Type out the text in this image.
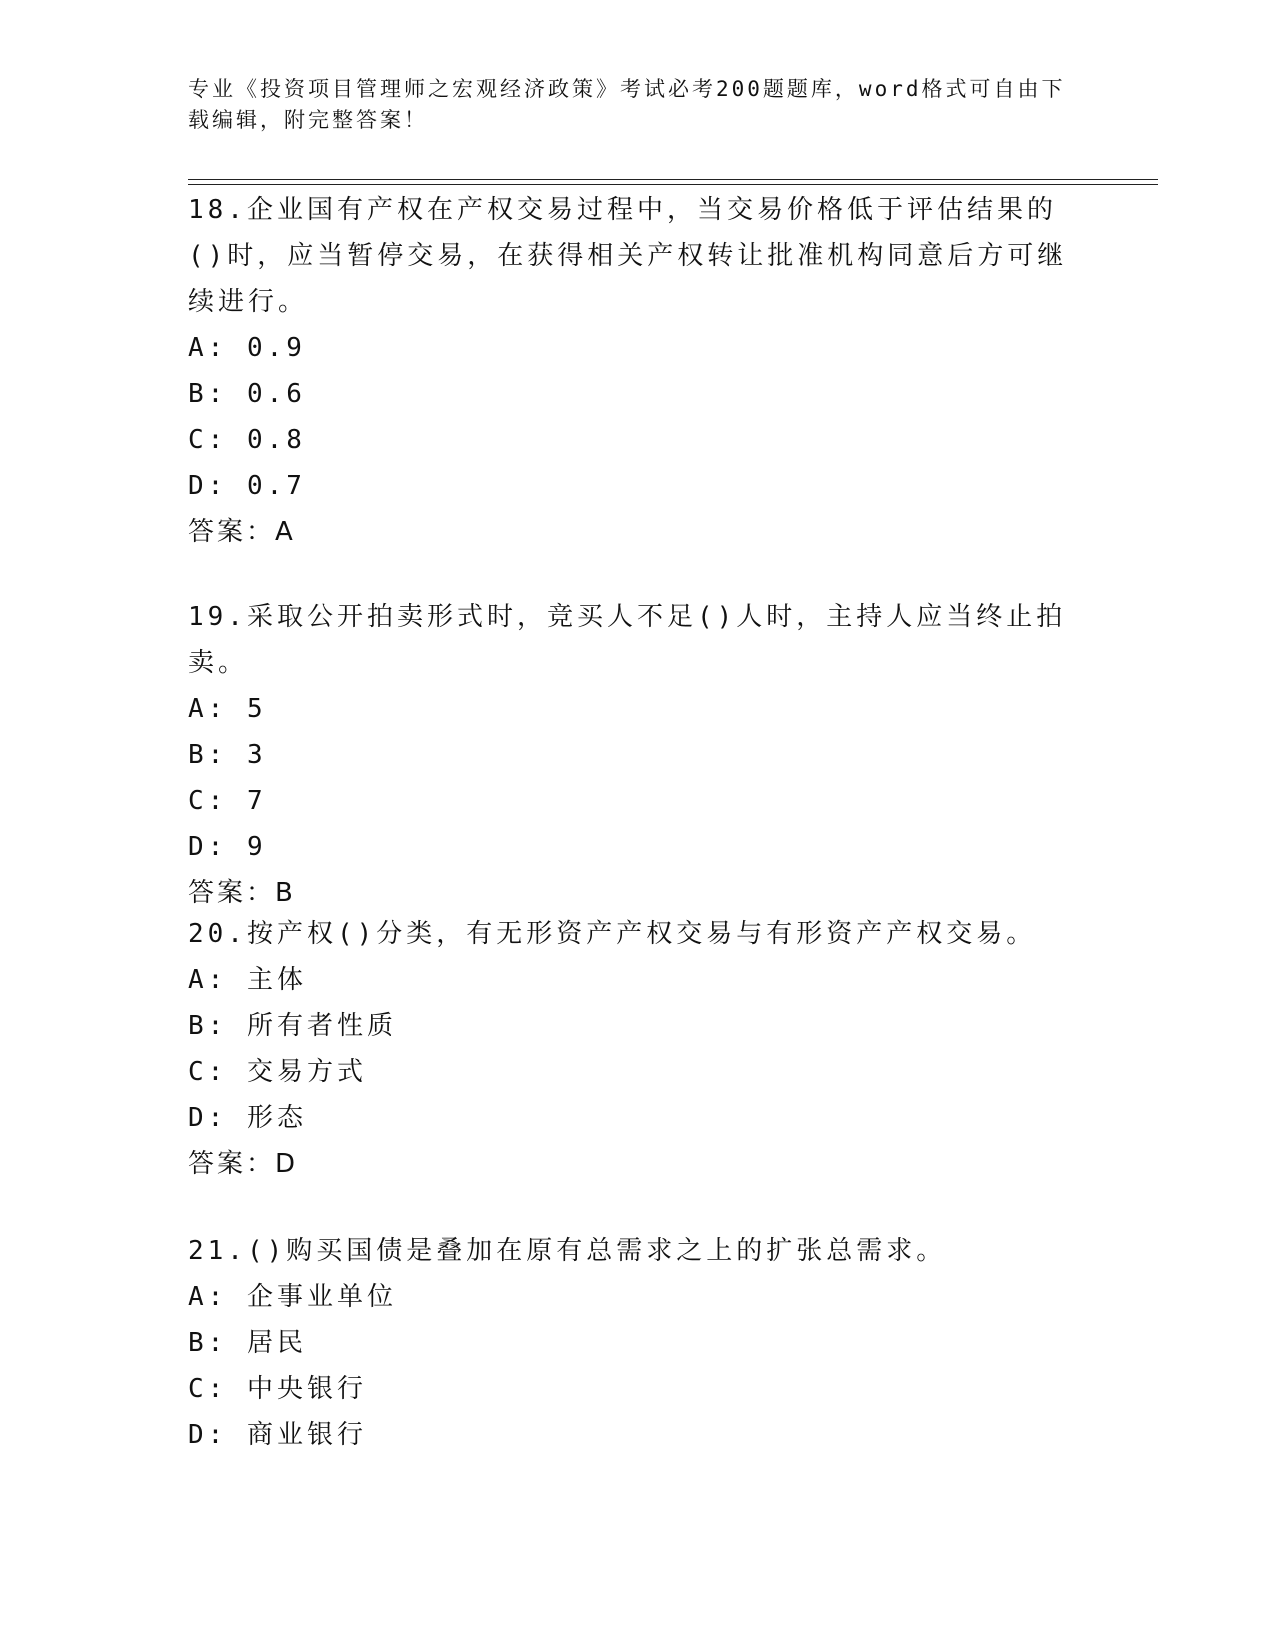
专业《投资项目管理师之宏观经济政策》考试必考200题题库，word格式可自由下载编辑，附完整答案！

18.企业国有产权在产权交易过程中，当交易价格低于评估结果的()时，应当暂停交易，在获得相关产权转让批准机构同意后方可继续进行。

A: 0.9
B: 0.6
C: 0.8
D: 0.7
答案：A

19.采取公开拍卖形式时，竞买人不足()人时，主持人应当终止拍卖。

A: 5
B: 3
C: 7
D: 9
答案：B

20.按产权()分类，有无形资产产权交易与有形资产产权交易。

A: 主体
B: 所有者性质
C: 交易方式
D: 形态
答案：D

21.()购买国债是叠加在原有总需求之上的扩张总需求。

A: 企事业单位
B: 居民
C: 中央银行
D: 商业银行
